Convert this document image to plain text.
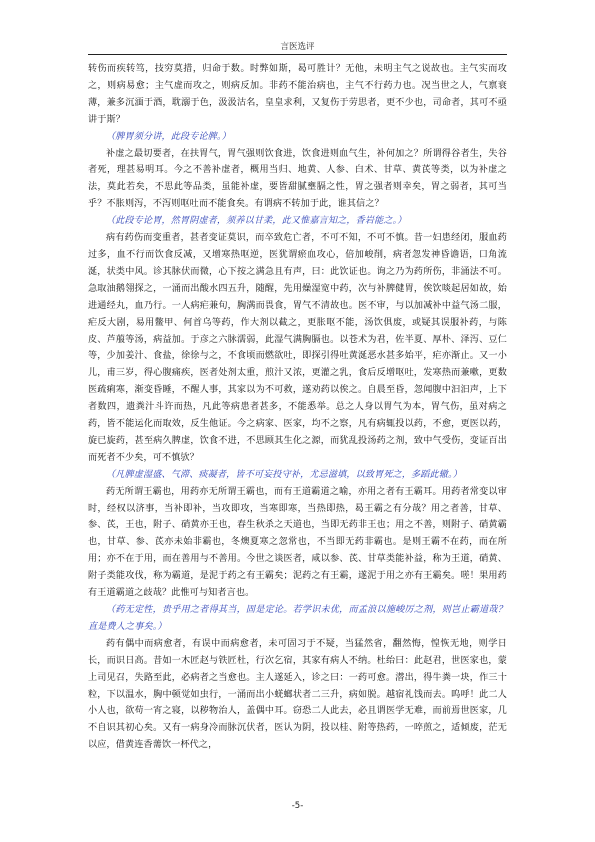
言医选评

转伤而疾转笃，技穷莫措，归命于数。时弊如斯，曷可胜计？无他，未明主气之说故也。主气实而攻之，则病易愈；主气虚而攻之，则病反加。非药不能治病也，主气不行药力也。况当世之人，气禀衰薄，兼多沉湎于酒，耽溺于色，汲汲沽名，皇皇求利，又复伤于劳思者，更不少也，司命者，其可不亟讲于斯？

（脾胃须分讲，此段专论脾。）

补虚之最切要者，在扶胃气，胃气强则饮食进，饮食进则血气生，补何加之？所谓得谷者生，失谷者死，理甚易明耳。今之不善补虚者，概用当归、地黄、人参、白术、甘草、黄芪等类，以为补虚之法，莫此若矣，不思此等品类，虽能补虚，要皆甜腻壅膈之性，胃之强者则幸矣，胃之弱者，其可当乎？不胀则泻，不泻则呕吐而不能食矣。有谓病不转加于此，谁其信之？

（此段专论胃，然胃阴虚者，须养以甘柔，此又惟嘉言知之，香岩能之。）

病有药伤而变重者，甚者变证莫识，而卒致危亡者，不可不知，不可不慎。昔一妇患经闭，服血药过多，血不行而饮食反减，又增寒热呕逆，医犹谓瘀血攻心，倍加峻削，病者忽发神昏谵语，口角流涎，状类中风。诊其脉伏而微，心下按之满急且有声，曰：此饮证也。询之乃为药所伤，非涌法不可。急取油鹅翎探之，一涌而出酸水四五升，随醒，先用燥湿宽中药，次与补脾健胃，俟饮啖起居如故，始进通经丸，血乃行。一人病疟兼旬，胸满而畏食，胃气不清故也。医不审，与以加减补中益气汤二服，疟反大剧，易用鳖甲、何首乌等药，作大剂以截之，更胀呕不能，汤饮俱废，或疑其误服补药，与陈皮、芦菔等汤，病益加。于彦之六脉濡弱，此湿气满胸膈也。以苍术为君，佐半夏、厚朴、泽泻、豆仁等，少加姜汁、食盐，徐徐与之，不食顷而燃欲吐，即探引得吐黄涎恶水甚多始平，疟亦渐止。又一小儿，甫三岁，得心腹痛疾，医者处剂太重，煎汁又浓，更灌之乳，食后反增呕吐，发寒热而兼嗽，更数医疏痢寒，渐变昏睡，不醒人事，其家以为不可救，遂劝药以俟之。自晨至昏，忽闻腹中汩汩声，上下者数四，遗粪汁斗许而热，凡此等病患者甚多，不能悉举。总之人身以胃气为本，胃气伤，虽对病之药，皆不能运化而取效，反生他证。今之病家、医家，均不之察，凡有病辄投以药，不愈，更医以药，旋已旋药，甚至病久脾虚，饮食不进，不思顾其生化之源，而犹乱投汤药之剂，致中气受伤，变证百出而死者不少矣，可不慎欤？

（凡脾虚湿盛、气滞、痰凝者，皆不可妄投守补，尤忌滋填，以致胃死之，多蹈此辙。）

药无所谓王霸也，用药亦无所谓王霸也，而有王道霸道之喻，亦用之者有王霸耳。用药者常变以审时，经权以济事，当补即补，当攻即攻，当寒即寒，当热即热，曷王霸之有分哉？用之者善，甘草、参、芪，王也，附子、硝黄亦王也，春生秋杀之天道也，当即无药非王也；用之不善，则附子、硝黄霸也，甘草、参、芪亦未始非霸也，冬燠夏寒之忽常也，不当即无药非霸也。是则王霸不在药，而在所用；亦不在于用，而在善用与不善用。今世之谈医者，咸以参、芪、甘草类能补益，称为王道，硝黄、附子类能攻伐，称为霸道，是泥于药之有王霸矣；泥药之有王霸，遂泥于用之亦有王霸矣。嗟！果用药有王道霸道之歧哉？此惟可与知者言也。

（药无定性，贵乎用之者得其当，固是定论。若学识未优，而孟浪以施峻厉之剂，则岂止霸道哉？直是费人之事矣。）

药有偶中而病愈者，有误中而病愈者，未可固习于不疑，当猛然省，翻然悔，惶恢无地，则学日长，而识日高。昔如一木匠赵与铁匠杜，行次乞宿，其家有病人不纳。杜绐曰：此赵君，世医家也，蒙上司见召，失路至此，必病者之当愈也。主人遂延入，诊之曰：一药可愈。潜出，得牛粪一块，作三十粒，下以温水，胸中顿觉如虫行，一涌而出小蜣螂状者二三升，病如脱。越宿礼饯而去。呜呼！此二人小人也，欲苟一宵之寝，以秽物治人，盖偶中耳。窃恐二人此去，必且谓医学无难，而前焉世医家，几不自识其初心矣。又有一病身冷而脉沉伏者，医认为阴，投以桂、附等热药，一啐煎之，适倾废，茫无以应，借黄连香薷饮一杯代之，

-5-
